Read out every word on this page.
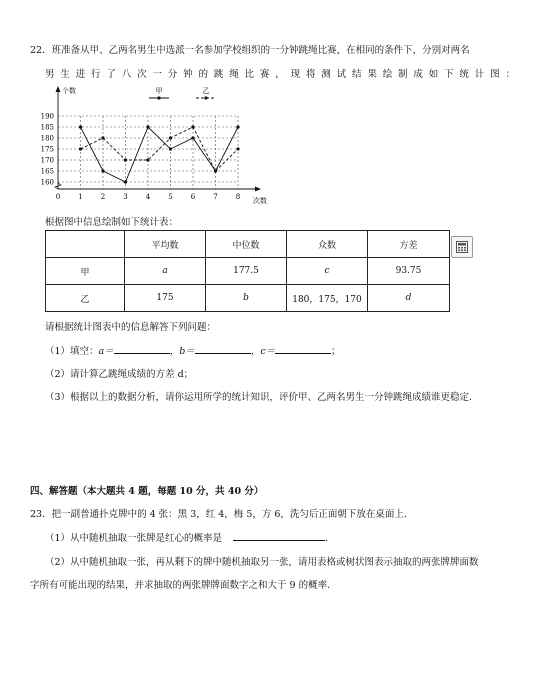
22．班准备从甲、乙两名男生中选派一名参加学校组织的一分钟跳绳比赛，在相同的条件下，分别对两名
男生进行了八次一分钟的跳绳比赛，现将测试结果绘制成如下统计图：
160
165
170
175
180
185
190
0	1	2	3	4	5	6	7	8
甲	乙
个数
次数
根据图中信息绘制如下统计表：
	平均数	中位数	众数	方差
甲	a	177.5	c	93.75
乙	175	b	180，175，170	d
请根据统计图表中的信息解答下列问题：
（1）填空：a＝	，b＝	，c＝	；
（2）请计算乙跳绳成绩的方差 d；
（3）根据以上的数据分析，请你运用所学的统计知识，评价甲、乙两名男生一分钟跳绳成绩谁更稳定.
四、解答题（本大题共 4 题，每题 10 分，共 40 分）
23．把一副普通扑克牌中的 4 张：黑 3，红 4，梅 5，方 6，洗匀后正面朝下放在桌面上.
（1）从中随机抽取一张牌是红心的概率是	.
（2）从中随机抽取一张，再从剩下的牌中随机抽取另一张，请用表格或树状图表示抽取的两张牌牌面数
字所有可能出现的结果，并求抽取的两张牌牌面数字之和大于 9 的概率.
